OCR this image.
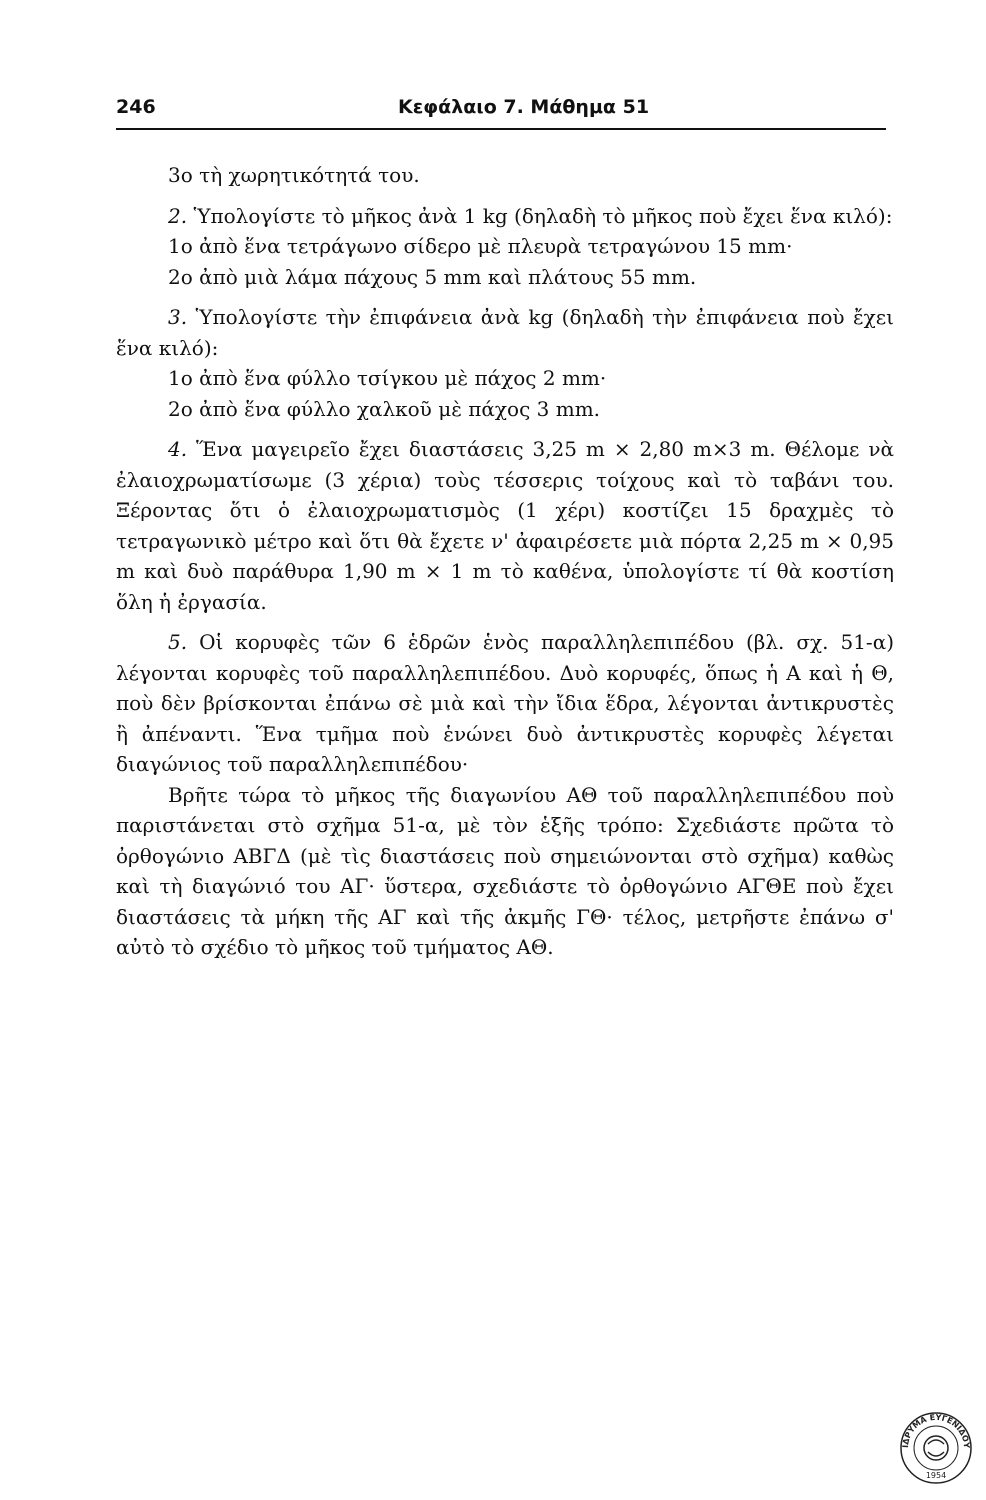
246	Κεφάλαιο 7. Μάθημα 51

3ο τὴ χωρητικότητά του.

2. Ὑπολογίστε τὸ μῆκος ἀνὰ 1 kg (δηλαδὴ τὸ μῆκος ποὺ ἔχει ἕνα κιλό):

1ο ἀπὸ ἕνα τετράγωνο σίδερο μὲ πλευρὰ τετραγώνου 15 mm·

2ο ἀπὸ μιὰ λάμα πάχους 5 mm καὶ πλάτους 55 mm.

3. Ὑπολογίστε τὴν ἐπιφάνεια ἀνὰ kg (δηλαδὴ τὴν ἐπιφάνεια ποὺ ἔχει ἕνα κιλό):

1ο ἀπὸ ἕνα φύλλο τσίγκου μὲ πάχος 2 mm·

2ο ἀπὸ ἕνα φύλλο χαλκοῦ μὲ πάχος 3 mm.

4. Ἕνα μαγειρεῖο ἔχει διαστάσεις 3,25 m × 2,80 m×3 m. Θέλομε νὰ ἐλαιοχρωματίσωμε (3 χέρια) τοὺς τέσσερις τοίχους καὶ τὸ ταβάνι του. Ξέροντας ὅτι ὁ ἐλαιοχρωματισμὸς (1 χέρι) κοστίζει 15 δραχμὲς τὸ τετραγωνικὸ μέτρο καὶ ὅτι θὰ ἔχετε ν' ἀφαιρέσετε μιὰ πόρτα 2,25 m × 0,95 m καὶ δυὸ παράθυρα 1,90 m × 1 m τὸ καθένα, ὑπολογίστε τί θὰ κοστίση ὅλη ἡ ἐργασία.

5. Οἱ κορυφὲς τῶν 6 ἑδρῶν ἑνὸς παραλληλεπιπέδου (βλ. σχ. 51-α) λέγονται κορυφὲς τοῦ παραλληλεπιπέδου. Δυὸ κορυφές, ὅπως ἡ Α καὶ ἡ Θ, ποὺ δὲν βρίσκονται ἐπάνω σὲ μιὰ καὶ τὴν ἴδια ἕδρα, λέγονται ἀντικρυστὲς ἢ ἀπέναντι. Ἕνα τμῆμα ποὺ ἑνώνει δυὸ ἀντικρυστὲς κορυφὲς λέγεται διαγώνιος τοῦ παραλληλεπιπέδου·

Βρῆτε τώρα τὸ μῆκος τῆς διαγωνίου ΑΘ τοῦ παραλληλεπιπέδου ποὺ παριστάνεται στὸ σχῆμα 51-α, μὲ τὸν ἑξῆς τρόπο: Σχεδιάστε πρῶτα τὸ ὀρθογώνιο ΑΒΓΔ (μὲ τὶς διαστάσεις ποὺ σημειώνονται στὸ σχῆμα) καθὼς καὶ τὴ διαγώνιό του ΑΓ· ὕστερα, σχεδιάστε τὸ ὀρθογώνιο ΑΓΘΕ ποὺ ἔχει διαστάσεις τὰ μήκη τῆς ΑΓ καὶ τῆς ἀκμῆς ΓΘ· τέλος, μετρῆστε ἐπάνω σ' αὐτὸ τὸ σχέδιο τὸ μῆκος τοῦ τμήματος ΑΘ.

ΙΔΡΥΜΑ ΕΥΓΕΝΙΔΟΥ
1954
